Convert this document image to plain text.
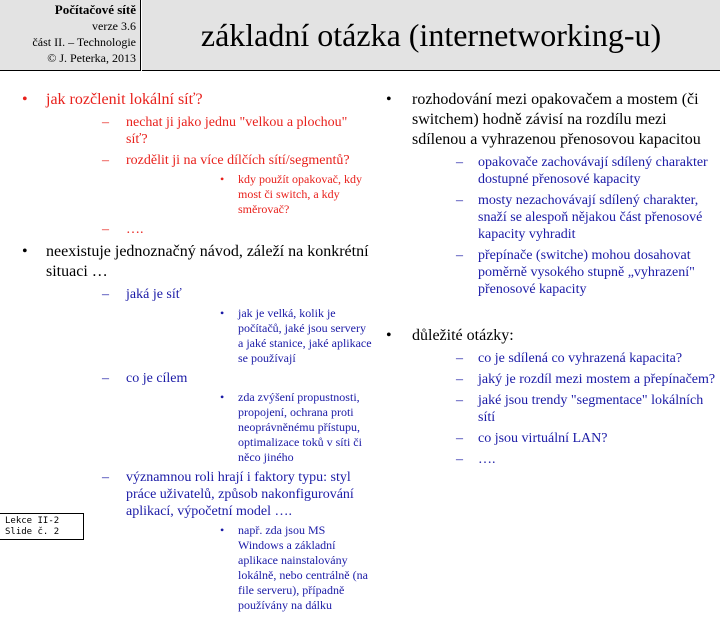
Počítačové sítě
verze 3.6
část II. – Technologie
© J. Peterka, 2013
základní otázka (internetworking-u)
• jak rozčlenit lokální síť?
– nechat ji jako jednu "velkou a plochou" síť?
– rozdělit ji na více dílčích sítí/segmentů?
• kdy použít opakovač, kdy most či switch, a kdy směrovač?
– ….
• neexistuje jednoznačný návod, záleží na konkrétní situaci …
– jaká je síť
• jak je velká, kolik je počítačů, jaké jsou servery a jaké stanice, jaké aplikace se používají
– co je cílem
• zda zvýšení propustnosti, propojení, ochrana proti neoprávněnému přístupu, optimalizace toků v síti či něco jiného
– významnou roli hrají i faktory typu: styl práce uživatelů, způsob nakonfigurování aplikací, výpočetní model ….
• např. zda jsou MS Windows a základní aplikace nainstalovány lokálně, nebo centrálně (na file serveru), případně používány na dálku
• rozhodování mezi opakovačem a mostem (či switchem) hodně závisí na rozdílu mezi sdílenou a vyhrazenou přenosovou kapacitou
– opakovače zachovávají sdílený charakter dostupné přenosové kapacity
– mosty nezachovávají sdílený charakter, snaží se alespoň nějakou část přenosové kapacity vyhradit
– přepínače (switche) mohou dosahovat poměrně vysokého stupně „vyhrazení" přenosové kapacity
• důležité otázky:
– co je sdílená co vyhrazená kapacita?
– jaký je rozdíl mezi mostem a přepínačem?
– jaké jsou trendy "segmentace" lokálních sítí
– co jsou virtuální LAN?
– ….
Lekce II-2
Slide č. 2
